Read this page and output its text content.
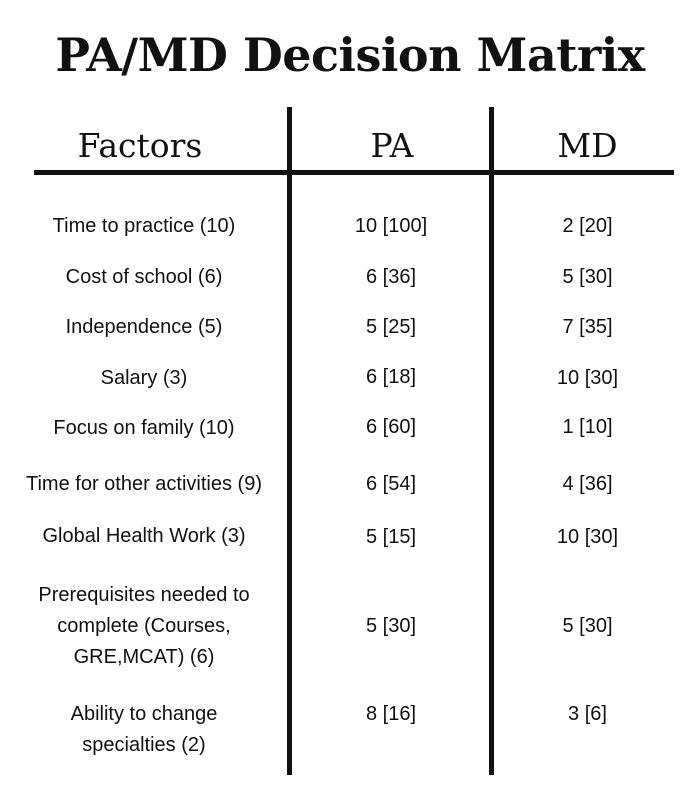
PA/MD Decision Matrix
Factors	PA	MD
Time to practice (10)	10 [100]	2 [20]
Cost of school (6)	6 [36]	5 [30]
Independence (5)	5 [25]	7 [35]
Salary (3)	6 [18]	10 [30]
Focus on family (10)	6 [60]	1 [10]
Time for other activities (9)	6 [54]	4 [36]
Global Health Work (3)	5 [15]	10 [30]
Prerequisites needed to
complete (Courses,
GRE,MCAT) (6)
5 [30]	5 [30]
Ability to change
specialties (2)
8 [16]	3 [6]
